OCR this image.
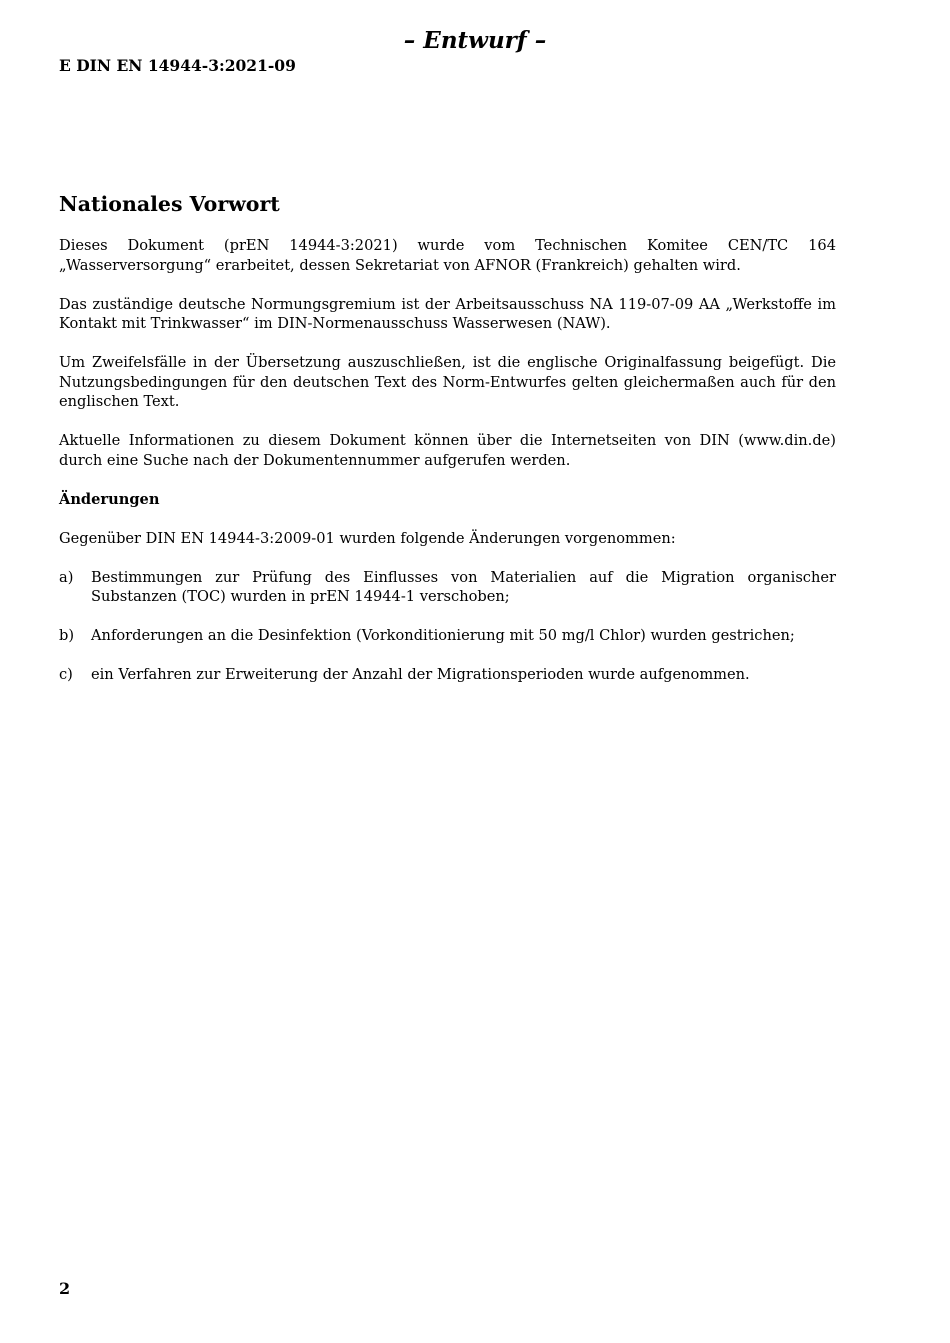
– Entwurf –
E DIN EN 14944-3:2021-09
Nationales Vorwort

Dieses Dokument (prEN 14944-3:2021) wurde vom Technischen Komitee CEN/TC 164 „Wasserversorgung“ erarbeitet, dessen Sekretariat von AFNOR (Frankreich) gehalten wird.

Das zuständige deutsche Normungsgremium ist der Arbeitsausschuss NA 119-07-09 AA „Werkstoffe im Kontakt mit Trinkwasser“ im DIN-Normenausschuss Wasserwesen (NAW).

Um Zweifelsfälle in der Übersetzung auszuschließen, ist die englische Originalfassung beigefügt. Die Nutzungsbedingungen für den deutschen Text des Norm-Entwurfes gelten gleichermaßen auch für den englischen Text.

Aktuelle Informationen zu diesem Dokument können über die Internetseiten von DIN (www.din.de) durch eine Suche nach der Dokumentennummer aufgerufen werden.

Änderungen

Gegenüber DIN EN 14944-3:2009-01 wurden folgende Änderungen vorgenommen:

a) Bestimmungen zur Prüfung des Einflusses von Materialien auf die Migration organischer Substanzen (TOC) wurden in prEN 14944-1 verschoben;
b) Anforderungen an die Desinfektion (Vorkonditionierung mit 50 mg/l Chlor) wurden gestrichen;
c) ein Verfahren zur Erweiterung der Anzahl der Migrationsperioden wurde aufgenommen.
2
